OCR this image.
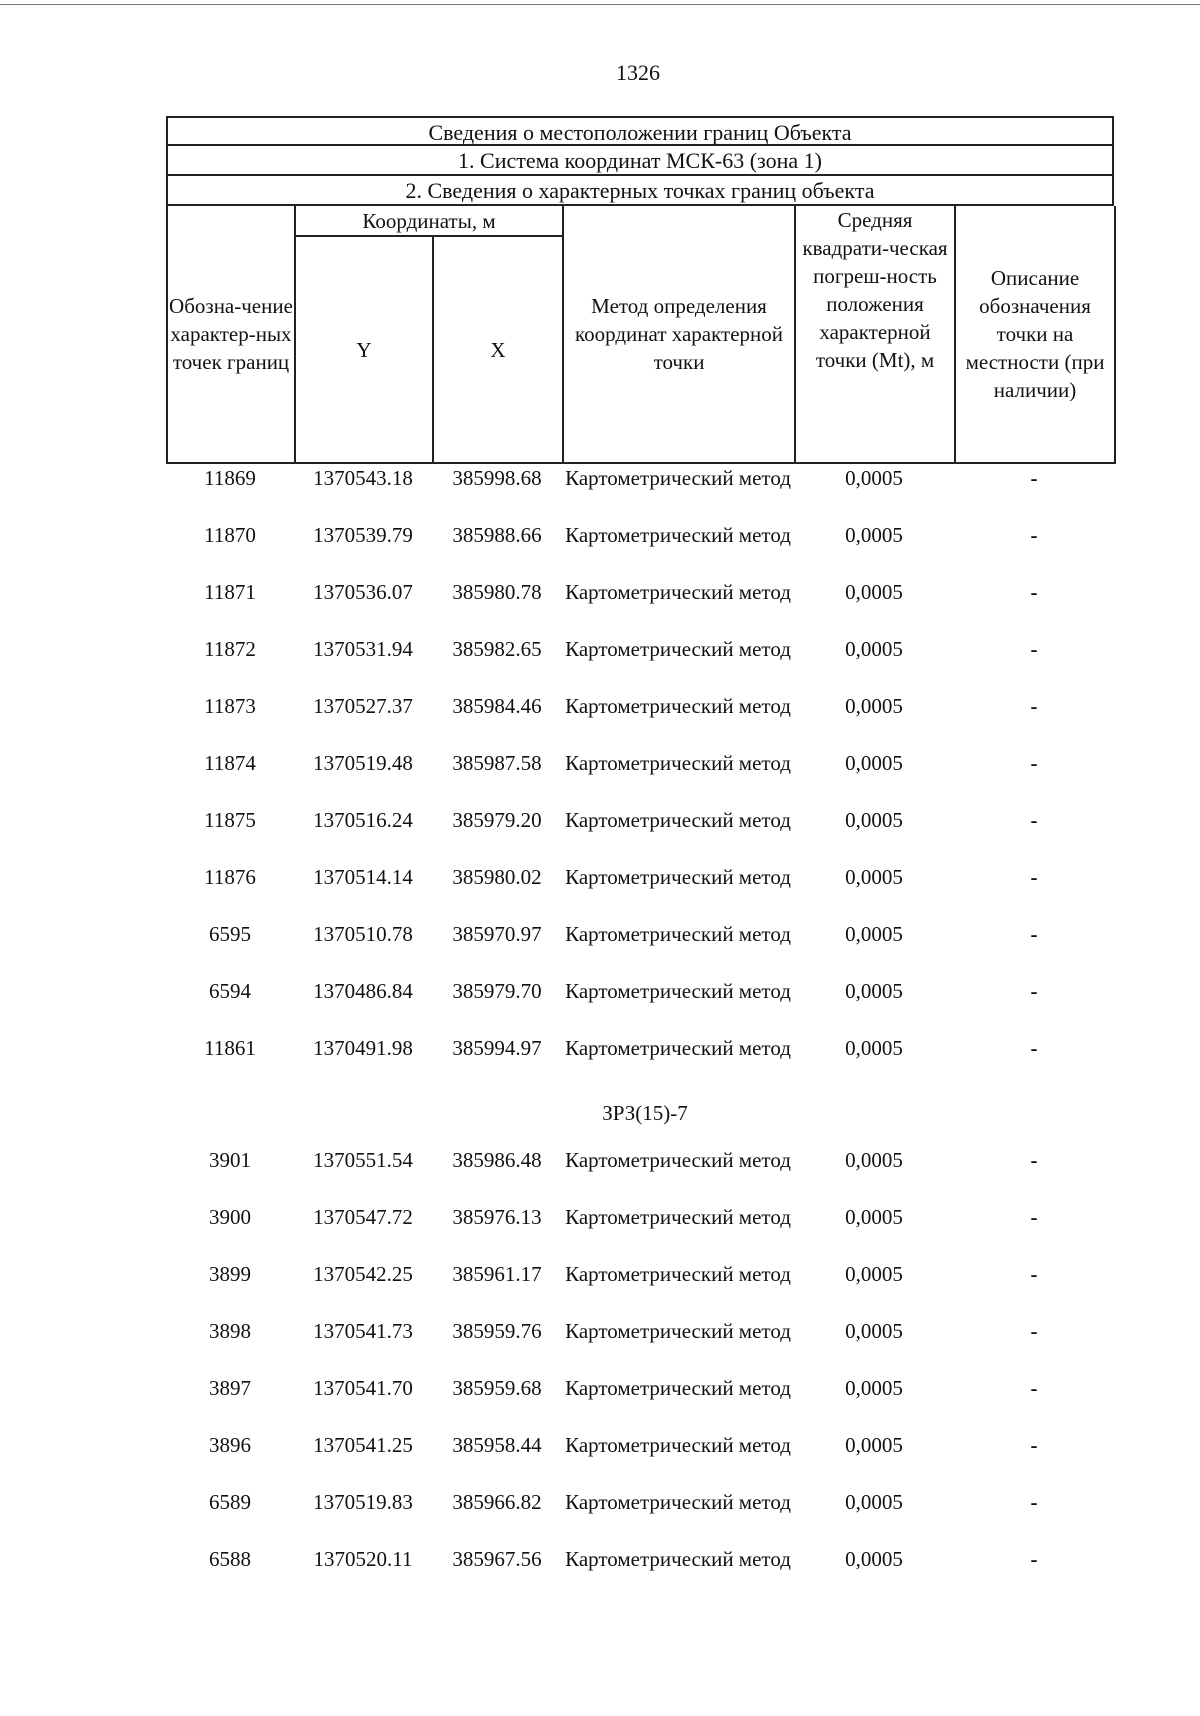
1326
Сведения о местоположении границ Объекта
1. Система координат МСК-63 (зона 1)
2. Сведения о характерных точках границ объекта
Обозна-чение характер-ных точек границ	Координаты, м		Метод определения координат характерной точки	Средняя квадрати-ческая погреш-ность положения характерной точки (Mt), м	Описание обозначения точки на местности (при наличии)
	Y	X			
11869	1370543.18	385998.68	Картометрический метод	0,0005	-
11870	1370539.79	385988.66	Картометрический метод	0,0005	-
11871	1370536.07	385980.78	Картометрический метод	0,0005	-
11872	1370531.94	385982.65	Картометрический метод	0,0005	-
11873	1370527.37	385984.46	Картометрический метод	0,0005	-
11874	1370519.48	385987.58	Картометрический метод	0,0005	-
11875	1370516.24	385979.20	Картометрический метод	0,0005	-
11876	1370514.14	385980.02	Картометрический метод	0,0005	-
6595	1370510.78	385970.97	Картометрический метод	0,0005	-
6594	1370486.84	385979.70	Картометрический метод	0,0005	-
11861	1370491.98	385994.97	Картометрический метод	0,0005	-
ЗРЗ(15)-7
3901	1370551.54	385986.48	Картометрический метод	0,0005	-
3900	1370547.72	385976.13	Картометрический метод	0,0005	-
3899	1370542.25	385961.17	Картометрический метод	0,0005	-
3898	1370541.73	385959.76	Картометрический метод	0,0005	-
3897	1370541.70	385959.68	Картометрический метод	0,0005	-
3896	1370541.25	385958.44	Картометрический метод	0,0005	-
6589	1370519.83	385966.82	Картометрический метод	0,0005	-
6588	1370520.11	385967.56	Картометрический метод	0,0005	-
